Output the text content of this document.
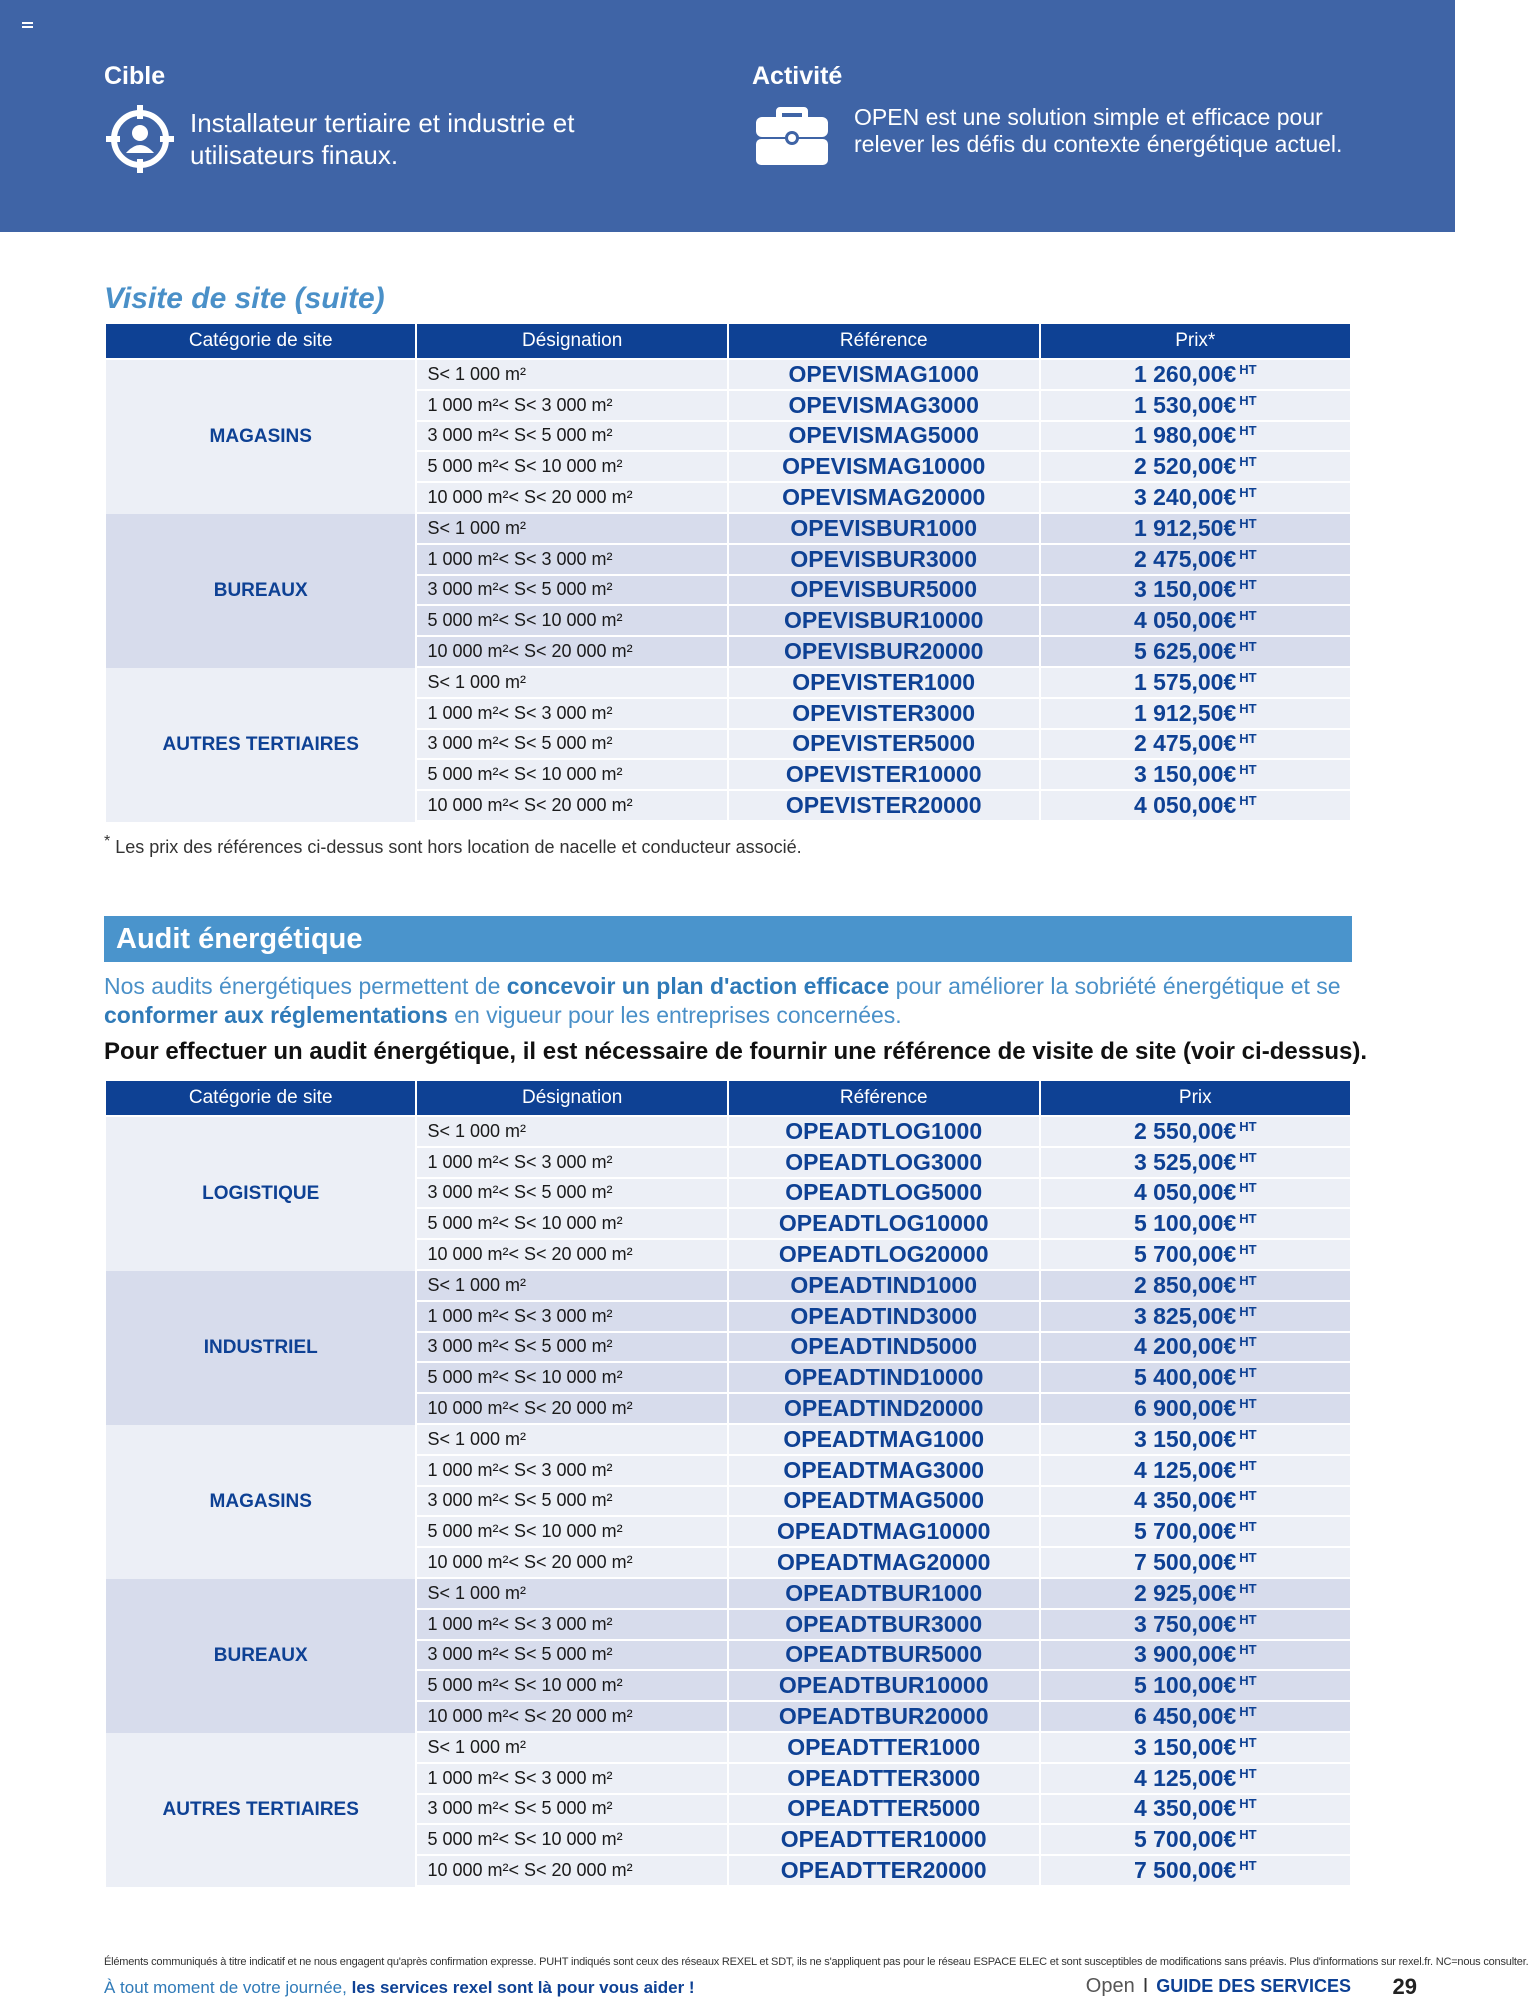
Cible
Installateur tertiaire et industrie et utilisateurs finaux.
Activité
OPEN est une solution simple et efficace pour relever les défis du contexte énergétique actuel.
Visite de site (suite)
Catégorie de site	Désignation	Référence	Prix*
MAGASINS	S< 1 000 m²	OPEVISMAG1000	1 260,00€ $^{HT}$
	1 000 m²< S< 3 000 m²	OPEVISMAG3000	1 530,00€ $^{HT}$
	3 000 m²< S< 5 000 m²	OPEVISMAG5000	1 980,00€ $^{HT}$
	5 000 m²< S< 10 000 m²	OPEVISMAG10000	2 520,00€ $^{HT}$
	10 000 m²< S< 20 000 m²	OPEVISMAG20000	3 240,00€ $^{HT}$
BUREAUX	S< 1 000 m²	OPEVISBUR1000	1 912,50€ $^{HT}$
	1 000 m²< S< 3 000 m²	OPEVISBUR3000	2 475,00€ $^{HT}$
	3 000 m²< S< 5 000 m²	OPEVISBUR5000	3 150,00€ $^{HT}$
	5 000 m²< S< 10 000 m²	OPEVISBUR10000	4 050,00€ $^{HT}$
	10 000 m²< S< 20 000 m²	OPEVISBUR20000	5 625,00€ $^{HT}$
AUTRES TERTIAIRES	S< 1 000 m²	OPEVISTER1000	1 575,00€ $^{HT}$
	1 000 m²< S< 3 000 m²	OPEVISTER3000	1 912,50€ $^{HT}$
	3 000 m²< S< 5 000 m²	OPEVISTER5000	2 475,00€ $^{HT}$
	5 000 m²< S< 10 000 m²	OPEVISTER10000	3 150,00€ $^{HT}$
	10 000 m²< S< 20 000 m²	OPEVISTER20000	4 050,00€ $^{HT}$
* Les prix des références ci-dessus sont hors location de nacelle et conducteur associé.
Audit énergétique
Nos audits énergétiques permettent de concevoir un plan d'action efficace pour améliorer la sobriété énergétique et se conformer aux réglementations en vigueur pour les entreprises concernées.
Pour effectuer un audit énergétique, il est nécessaire de fournir une référence de visite de site (voir ci-dessus).
Catégorie de site	Désignation	Référence	Prix
LOGISTIQUE	S< 1 000 m²	OPEADTLOG1000	2 550,00€ $^{HT}$
	1 000 m²< S< 3 000 m²	OPEADTLOG3000	3 525,00€ $^{HT}$
	3 000 m²< S< 5 000 m²	OPEADTLOG5000	4 050,00€ $^{HT}$
	5 000 m²< S< 10 000 m²	OPEADTLOG10000	5 100,00€ $^{HT}$
	10 000 m²< S< 20 000 m²	OPEADTLOG20000	5 700,00€ $^{HT}$
INDUSTRIEL	S< 1 000 m²	OPEADTIND1000	2 850,00€ $^{HT}$
	1 000 m²< S< 3 000 m²	OPEADTIND3000	3 825,00€ $^{HT}$
	3 000 m²< S< 5 000 m²	OPEADTIND5000	4 200,00€ $^{HT}$
	5 000 m²< S< 10 000 m²	OPEADTIND10000	5 400,00€ $^{HT}$
	10 000 m²< S< 20 000 m²	OPEADTIND20000	6 900,00€ $^{HT}$
MAGASINS	S< 1 000 m²	OPEADTMAG1000	3 150,00€ $^{HT}$
	1 000 m²< S< 3 000 m²	OPEADTMAG3000	4 125,00€ $^{HT}$
	3 000 m²< S< 5 000 m²	OPEADTMAG5000	4 350,00€ $^{HT}$
	5 000 m²< S< 10 000 m²	OPEADTMAG10000	5 700,00€ $^{HT}$
	10 000 m²< S< 20 000 m²	OPEADTMAG20000	7 500,00€ $^{HT}$
BUREAUX	S< 1 000 m²	OPEADTBUR1000	2 925,00€ $^{HT}$
	1 000 m²< S< 3 000 m²	OPEADTBUR3000	3 750,00€ $^{HT}$
	3 000 m²< S< 5 000 m²	OPEADTBUR5000	3 900,00€ $^{HT}$
	5 000 m²< S< 10 000 m²	OPEADTBUR10000	5 100,00€ $^{HT}$
	10 000 m²< S< 20 000 m²	OPEADTBUR20000	6 450,00€ $^{HT}$
AUTRES TERTIAIRES	S< 1 000 m²	OPEADTTER1000	3 150,00€ $^{HT}$
	1 000 m²< S< 3 000 m²	OPEADTTER3000	4 125,00€ $^{HT}$
	3 000 m²< S< 5 000 m²	OPEADTTER5000	4 350,00€ $^{HT}$
	5 000 m²< S< 10 000 m²	OPEADTTER10000	5 700,00€ $^{HT}$
	10 000 m²< S< 20 000 m²	OPEADTTER20000	7 500,00€ $^{HT}$
Éléments communiqués à titre indicatif et ne nous engagent qu'après confirmation expresse. PUHT indiqués sont ceux des réseaux REXEL et SDT, ils ne s'appliquent pas pour le réseau ESPACE ELEC et sont susceptibles de modifications sans préavis. Plus d'informations sur rexel.fr. NC=nous consulter.
À tout moment de votre journée, les services rexel sont là pour vous aider !	Open I GUIDE DES SERVICES 29
